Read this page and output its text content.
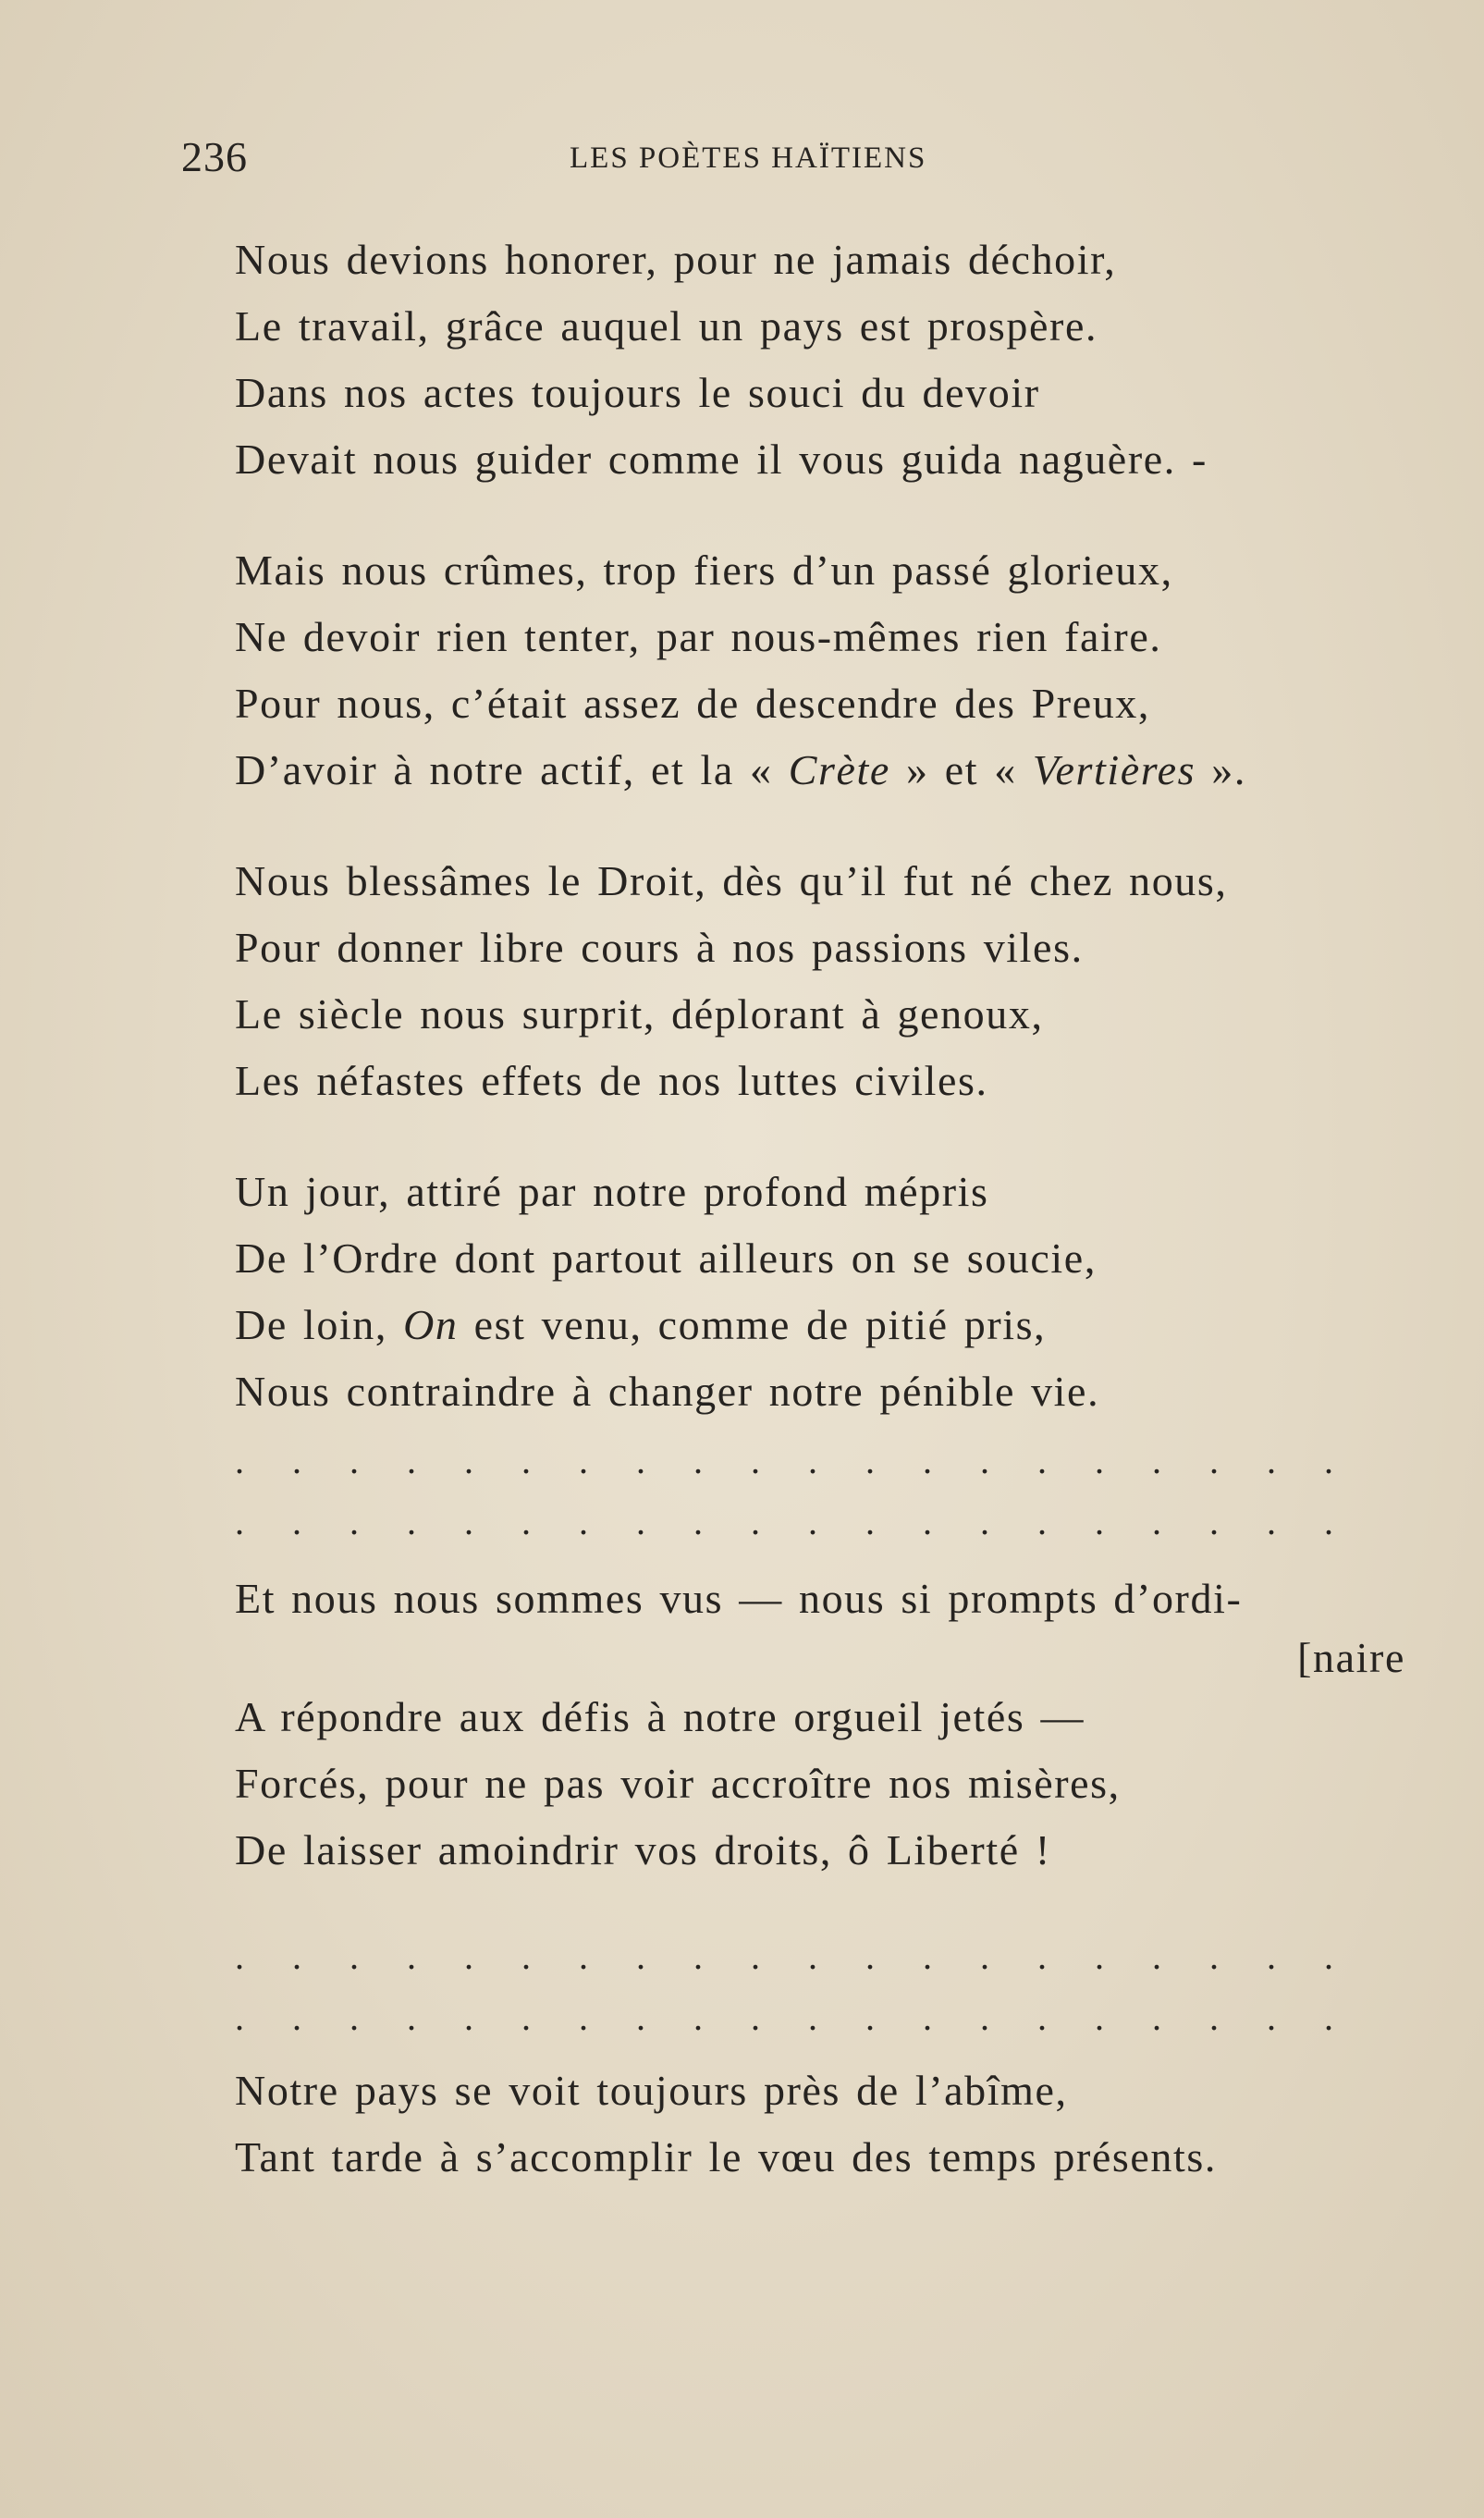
236	LES POÈTES HAÏTIENS
Nous devions honorer, pour ne jamais déchoir,
Le travail, grâce auquel un pays est prospère.
Dans nos actes toujours le souci du devoir
Devait nous guider comme il vous guida naguère. -
Mais nous crûmes, trop fiers d’un passé glorieux,
Ne devoir rien tenter, par nous-mêmes rien faire.
Pour nous, c’était assez de descendre des Preux,
D’avoir à notre actif, et la « Crète » et « Vertières ».
Nous blessâmes le Droit, dès qu’il fut né chez nous,
Pour donner libre cours à nos passions viles.
Le siècle nous surprit, déplorant à genoux,
Les néfastes effets de nos luttes civiles.
Un jour, attiré par notre profond mépris
De l’Ordre dont partout ailleurs on se soucie,
De loin, On est venu, comme de pitié pris,
Nous contraindre à changer notre pénible vie.
. . . . . . . . . . . . . . . . . . . .
. . . . . . . . . . . . . . . . . . . .
Et nous nous sommes vus — nous si prompts d’ordi-
[naire
A répondre aux défis à notre orgueil jetés —
Forcés, pour ne pas voir accroître nos misères,
De laisser amoindrir vos droits, ô Liberté !
. . . . . . . . . . . . . . . . . . . .
. . . . . . . . . . . . . . . . . . . .
Notre pays se voit toujours près de l’abîme,
Tant tarde à s’accomplir le vœu des temps présents.
